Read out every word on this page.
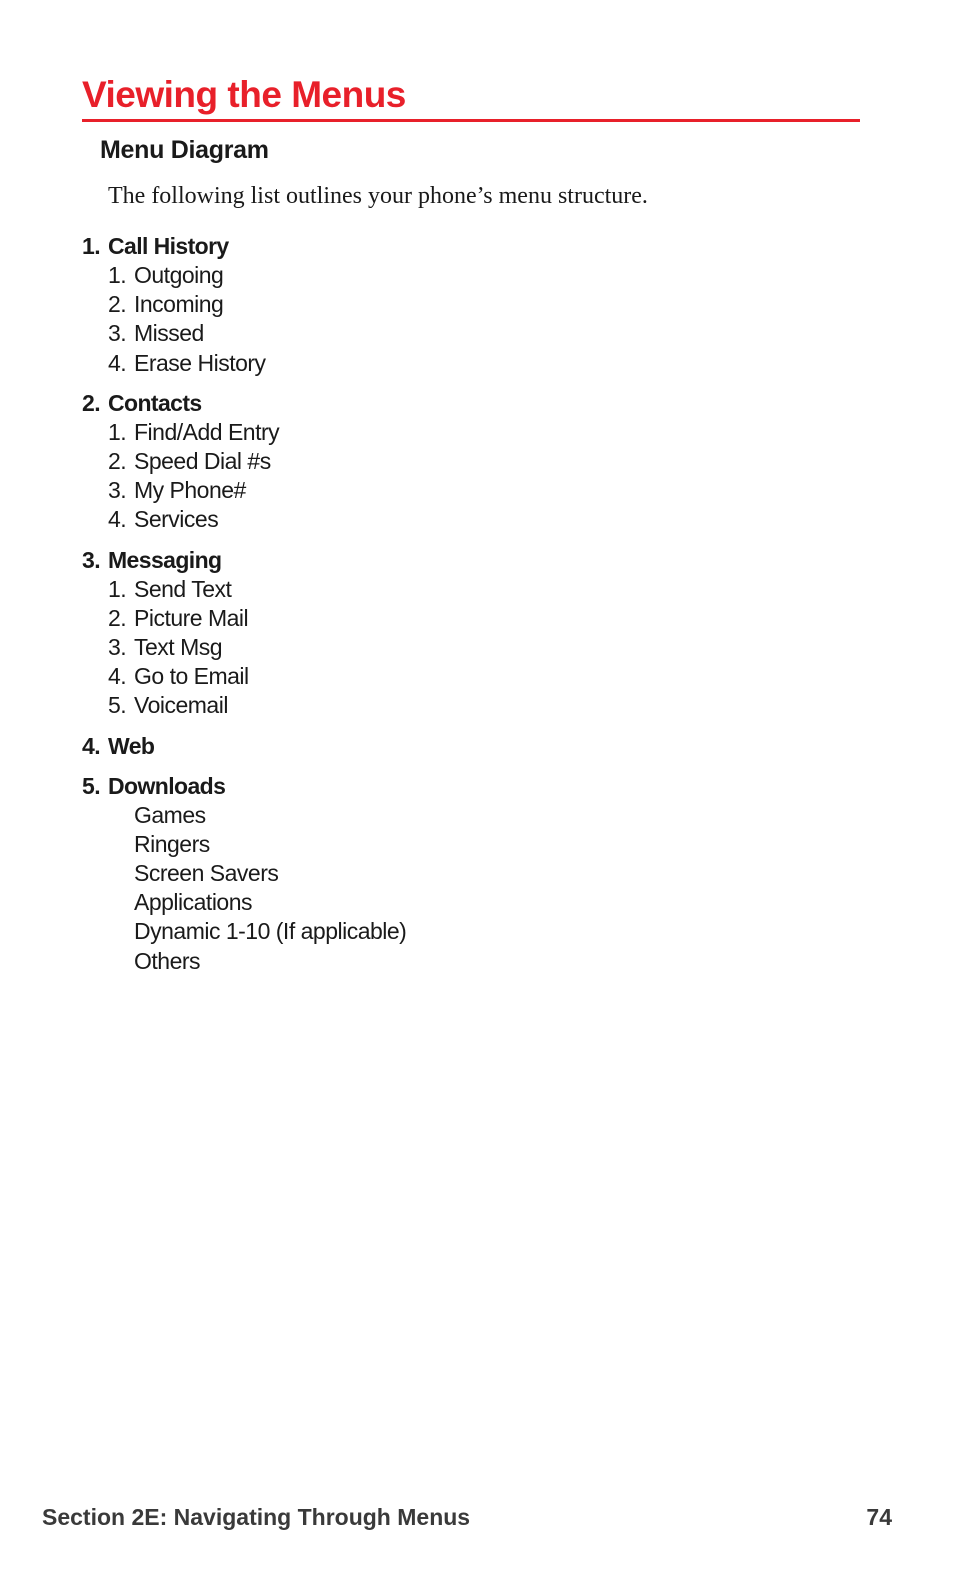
Viewing the Menus
Menu Diagram

The following list outlines your phone’s menu structure.

1. Call History
1. Outgoing
2. Incoming
3. Missed
4. Erase History
2. Contacts
1. Find/Add Entry
2. Speed Dial #s
3. My Phone#
4. Services
3. Messaging
1. Send Text
2. Picture Mail
3. Text Msg
4. Go to Email
5. Voicemail
4. Web
5. Downloads
Games
Ringers
Screen Savers
Applications
Dynamic 1-10 (If applicable)
Others

Section 2E: Navigating Through Menus	74
